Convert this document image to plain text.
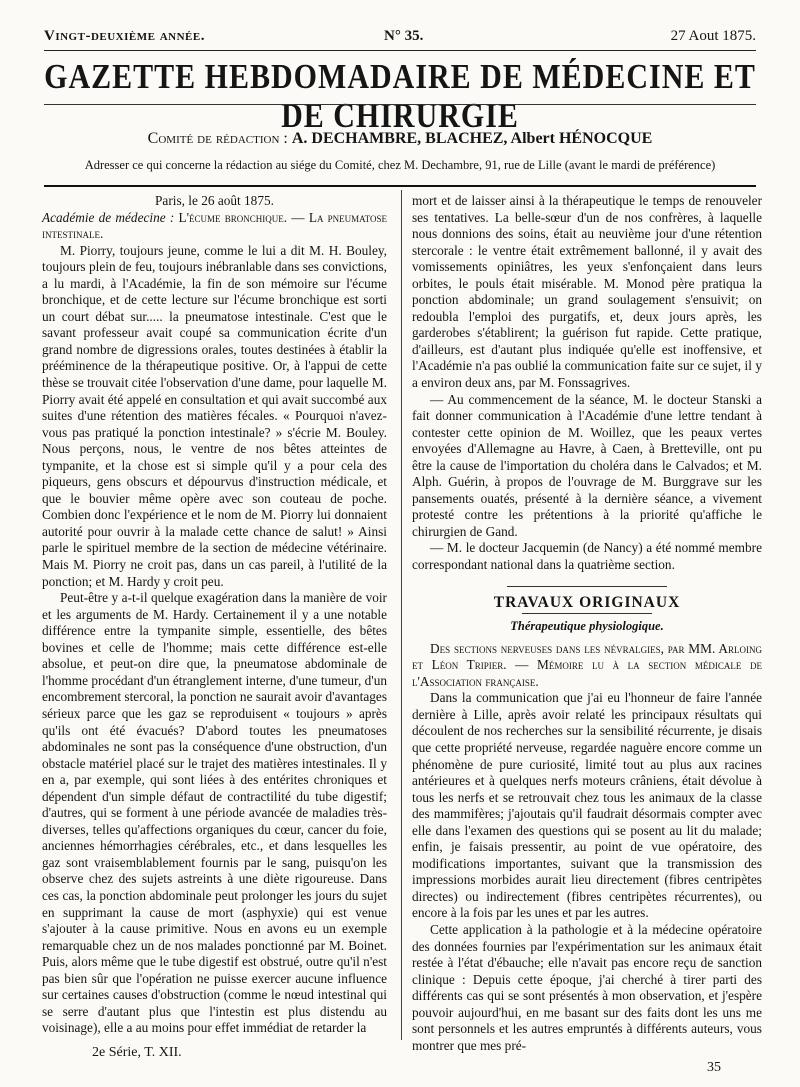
Vingt-deuxième année.	N° 35.	27 Aout 1875.
GAZETTE HEBDOMADAIRE DE MÉDECINE ET DE CHIRURGIE
Comité de rédaction : A. DECHAMBRE, BLACHEZ, Albert HÉNOCQUE
Adresser ce qui concerne la rédaction au siége du Comité, chez M. Dechambre, 91, rue de Lille (avant le mardi de préférence)

Paris, le 26 août 1875.

Académie de médecine : L'écume bronchique. — La pneumatose intestinale.

M. Piorry, toujours jeune, comme le lui a dit M. H. Bouley, toujours plein de feu, toujours inébranlable dans ses convictions, a lu mardi, à l'Académie, la fin de son mémoire sur l'écume bronchique, et de cette lecture sur l'écume bronchique est sorti un court débat sur..... la pneumatose intestinale. C'est que le savant professeur avait coupé sa communication écrite d'un grand nombre de digressions orales, toutes destinées à établir la prééminence de la thérapeutique positive. Or, à l'appui de cette thèse se trouvait citée l'observation d'une dame, pour laquelle M. Piorry avait été appelé en consultation et qui avait succombé aux suites d'une rétention des matières fécales. « Pourquoi n'avez-vous pas pratiqué la ponction intestinale? » s'écrie M. Bouley. Nous perçons, nous, le ventre de nos bêtes atteintes de tympanite, et la chose est si simple qu'il y a pour cela des piqueurs, gens obscurs et dépourvus d'instruction médicale, et que le bouvier même opère avec son couteau de poche. Combien donc l'expérience et le nom de M. Piorry lui donnaient autorité pour ouvrir à la malade cette chance de salut! » Ainsi parle le spirituel membre de la section de médecine vétérinaire. Mais M. Piorry ne croit pas, dans un cas pareil, à l'utilité de la ponction; et M. Hardy y croit peu.

Peut-être y a-t-il quelque exagération dans la manière de voir et les arguments de M. Hardy. Certainement il y a une notable différence entre la tympanite simple, essentielle, des bêtes bovines et celle de l'homme; mais cette différence est-elle absolue, et peut-on dire que, la pneumatose abdominale de l'homme procédant d'un étranglement interne, d'une tumeur, d'un encombrement stercoral, la ponction ne saurait avoir d'avantages sérieux parce que les gaz se reproduisent « toujours » après qu'ils ont été évacués? D'abord toutes les pneumatoses abdominales ne sont pas la conséquence d'une obstruction, d'un obstacle matériel placé sur le trajet des matières intestinales. Il y en a, par exemple, qui sont liées à des entérites chroniques et dépendent d'un simple défaut de contractilité du tube digestif; d'autres, qui se forment à une période avancée de maladies très-diverses, telles qu'affections organiques du cœur, cancer du foie, anciennes hémorrhagies cérébrales, etc., et dans lesquelles les gaz sont vraisemblablement fournis par le sang, puisqu'on les observe chez des sujets astreints à une diète rigoureuse. Dans ces cas, la ponction abdominale peut prolonger les jours du sujet en supprimant la cause de mort (asphyxie) qui est venue s'ajouter à la cause primitive. Nous en avons eu un exemple remarquable chez un de nos malades ponctionné par M. Boinet. Puis, alors même que le tube digestif est obstrué, outre qu'il n'est pas bien sûr que l'opération ne puisse exercer aucune influence sur certaines causes d'obstruction (comme le nœud intestinal qui se serre d'autant plus que l'intestin est plus distendu au voisinage), elle a au moins pour effet immédiat de retarder la

mort et de laisser ainsi à la thérapeutique le temps de renouveler ses tentatives. La belle-sœur d'un de nos confrères, à laquelle nous donnions des soins, était au neuvième jour d'une rétention stercorale : le ventre était extrêmement ballonné, il y avait des vomissements opiniâtres, les yeux s'enfonçaient dans leurs orbites, le pouls était misérable. M. Monod père pratiqua la ponction abdominale; un grand soulagement s'ensuivit; on redoubla l'emploi des purgatifs, et, deux jours après, les garderobes s'établirent; la guérison fut rapide. Cette pratique, d'ailleurs, est d'autant plus indiquée qu'elle est inoffensive, et l'Académie n'a pas oublié la communication faite sur ce sujet, il y a environ deux ans, par M. Fonssagrives.

— Au commencement de la séance, M. le docteur Stanski a fait donner communication à l'Académie d'une lettre tendant à contester cette opinion de M. Woillez, que les peaux vertes envoyées d'Allemagne au Havre, à Caen, à Bretteville, ont pu être la cause de l'importation du choléra dans le Calvados; et M. Alph. Guérin, à propos de l'ouvrage de M. Burggrave sur les pansements ouatés, présenté à la dernière séance, a vivement protesté contre les prétentions à la priorité qu'affiche le chirurgien de Gand.

— M. le docteur Jacquemin (de Nancy) a été nommé membre correspondant national dans la quatrième section.

TRAVAUX ORIGINAUX
Thérapeutique physiologique.

Des sections nerveuses dans les névralgies, par MM. Arloing et Léon Tripier. — Mémoire lu à la section médicale de l'Association française.

Dans la communication que j'ai eu l'honneur de faire l'année dernière à Lille, après avoir relaté les principaux résultats qui découlent de nos recherches sur la sensibilité récurrente, je disais que cette propriété nerveuse, regardée naguère encore comme un phénomène de pure curiosité, limité tout au plus aux racines antérieures et à quelques nerfs moteurs crâniens, était dévolue à tous les nerfs et se retrouvait chez tous les animaux de la classe des mammifères; j'ajoutais qu'il faudrait désormais compter avec elle dans l'examen des questions qui se posent au lit du malade; enfin, je faisais pressentir, au point de vue opératoire, des modifications importantes, suivant que la transmission des impressions morbides aurait lieu directement (fibres centripètes directes) ou indirectement (fibres centripètes récurrentes), ou encore à la fois par les unes et par les autres.

Cette application à la pathologie et à la médecine opératoire des données fournies par l'expérimentation sur les animaux était restée à l'état d'ébauche; elle n'avait pas encore reçu de sanction clinique : Depuis cette époque, j'ai cherché à tirer parti des différents cas qui se sont présentés à mon observation, et j'espère pouvoir aujourd'hui, en me basant sur des faits dont les uns me sont personnels et les autres empruntés à différents auteurs, vous montrer que mes pré-

2e Série, T. XII.
35
